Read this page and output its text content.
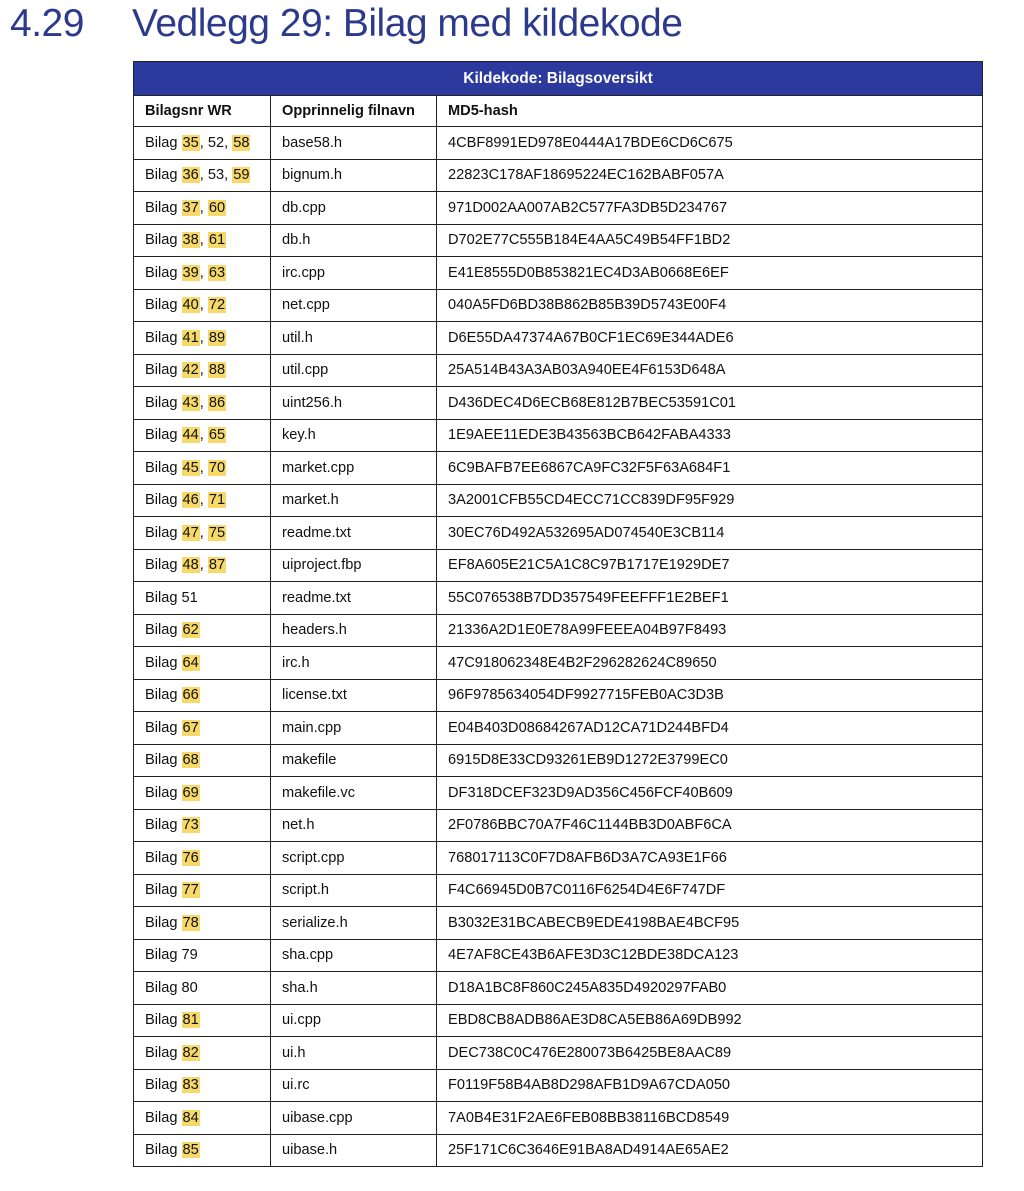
4.29	Vedlegg 29: Bilag med kildekode
Kildekode: Bilagsoversikt		
Bilagsnr WR	Opprinnelig filnavn	MD5-hash
Bilag 35, 52, 58	base58.h	4CBF8991ED978E0444A17BDE6CD6C675
Bilag 36, 53, 59	bignum.h	22823C178AF18695224EC162BABF057A
Bilag 37, 60	db.cpp	971D002AA007AB2C577FA3DB5D234767
Bilag 38, 61	db.h	D702E77C555B184E4AA5C49B54FF1BD2
Bilag 39, 63	irc.cpp	E41E8555D0B853821EC4D3AB0668E6EF
Bilag 40, 72	net.cpp	040A5FD6BD38B862B85B39D5743E00F4
Bilag 41, 89	util.h	D6E55DA47374A67B0CF1EC69E344ADE6
Bilag 42, 88	util.cpp	25A514B43A3AB03A940EE4F6153D648A
Bilag 43, 86	uint256.h	D436DEC4D6ECB68E812B7BEC53591C01
Bilag 44, 65	key.h	1E9AEE11EDE3B43563BCB642FABA4333
Bilag 45, 70	market.cpp	6C9BAFB7EE6867CA9FC32F5F63A684F1
Bilag 46, 71	market.h	3A2001CFB55CD4ECC71CC839DF95F929
Bilag 47, 75	readme.txt	30EC76D492A532695AD074540E3CB114
Bilag 48, 87	uiproject.fbp	EF8A605E21C5A1C8C97B1717E1929DE7
Bilag 51	readme.txt	55C076538B7DD357549FEEFFF1E2BEF1
Bilag 62	headers.h	21336A2D1E0E78A99FEEEA04B97F8493
Bilag 64	irc.h	47C918062348E4B2F296282624C89650
Bilag 66	license.txt	96F9785634054DF9927715FEB0AC3D3B
Bilag 67	main.cpp	E04B403D08684267AD12CA71D244BFD4
Bilag 68	makefile	6915D8E33CD93261EB9D1272E3799EC0
Bilag 69	makefile.vc	DF318DCEF323D9AD356C456FCF40B609
Bilag 73	net.h	2F0786BBC70A7F46C1144BB3D0ABF6CA
Bilag 76	script.cpp	768017113C0F7D8AFB6D3A7CA93E1F66
Bilag 77	script.h	F4C66945D0B7C0116F6254D4E6F747DF
Bilag 78	serialize.h	B3032E31BCABECB9EDE4198BAE4BCF95
Bilag 79	sha.cpp	4E7AF8CE43B6AFE3D3C12BDE38DCA123
Bilag 80	sha.h	D18A1BC8F860C245A835D4920297FAB0
Bilag 81	ui.cpp	EBD8CB8ADB86AE3D8CA5EB86A69DB992
Bilag 82	ui.h	DEC738C0C476E280073B6425BE8AAC89
Bilag 83	ui.rc	F0119F58B4AB8D298AFB1D9A67CDA050
Bilag 84	uibase.cpp	7A0B4E31F2AE6FEB08BB38116BCD8549
Bilag 85	uibase.h	25F171C6C3646E91BA8AD4914AE65AE2
